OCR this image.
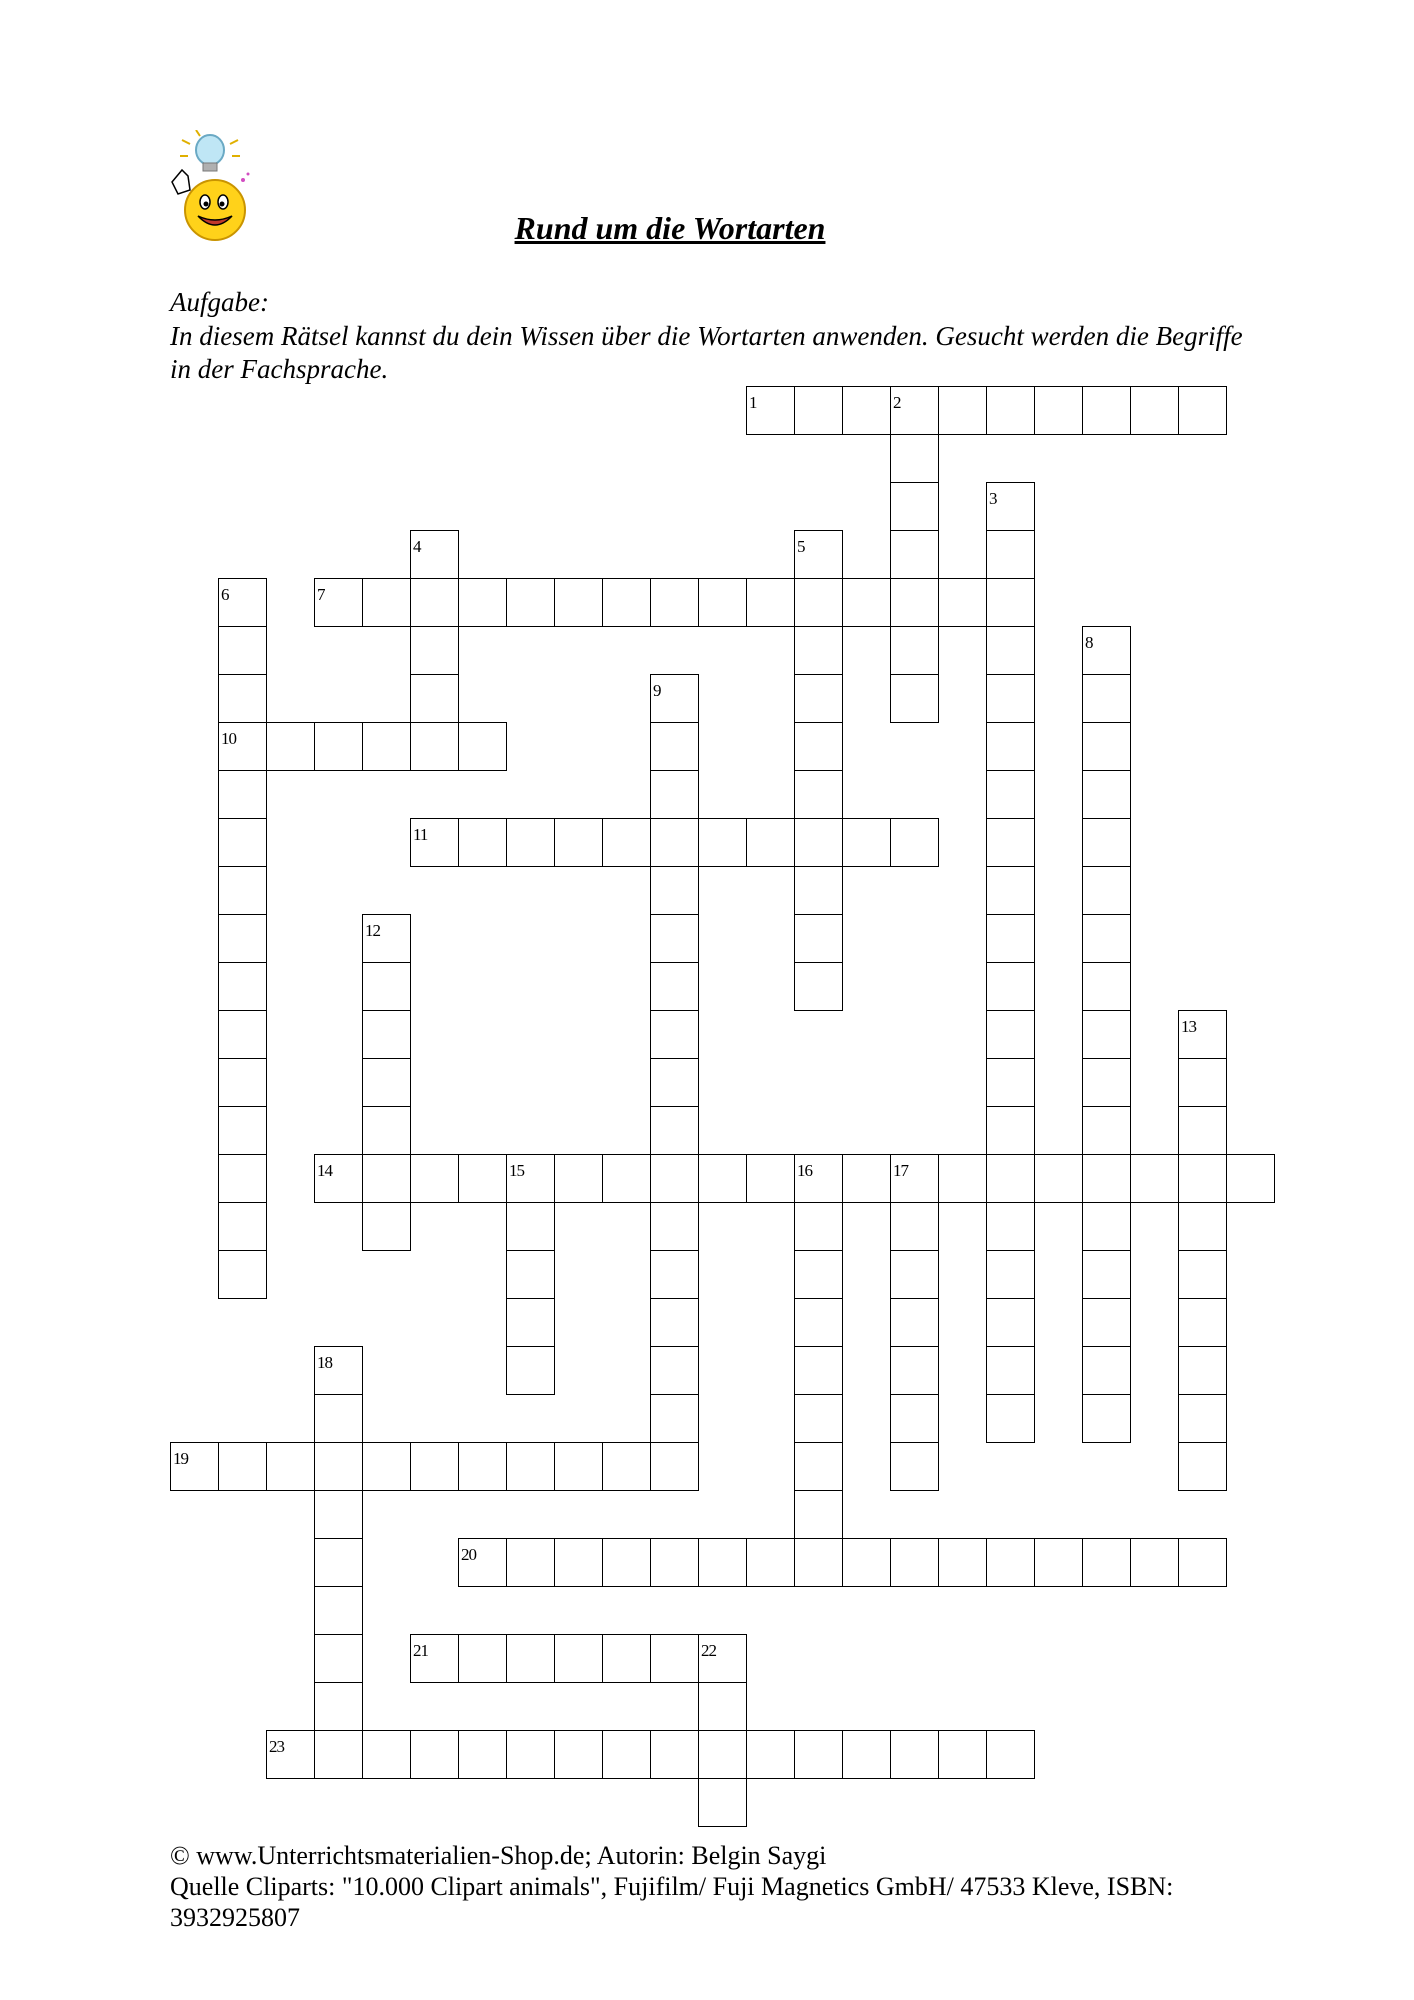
Rund um die Wortarten
Aufgabe:
In diesem Rätsel kannst du dein Wissen über die Wortarten anwenden. Gesucht werden die Begriffe in der Fachsprache.
1	2
3
4	5
6
10
7
8
9
11
12
13
14	15	16	17
18
19
20
21	22
23
© www.Unterrichtsmaterialien-Shop.de; Autorin: Belgin Saygi
Quelle Cliparts: "10.000 Clipart animals", Fujifilm/ Fuji Magnetics GmbH/ 47533 Kleve, ISBN: 3932925807
